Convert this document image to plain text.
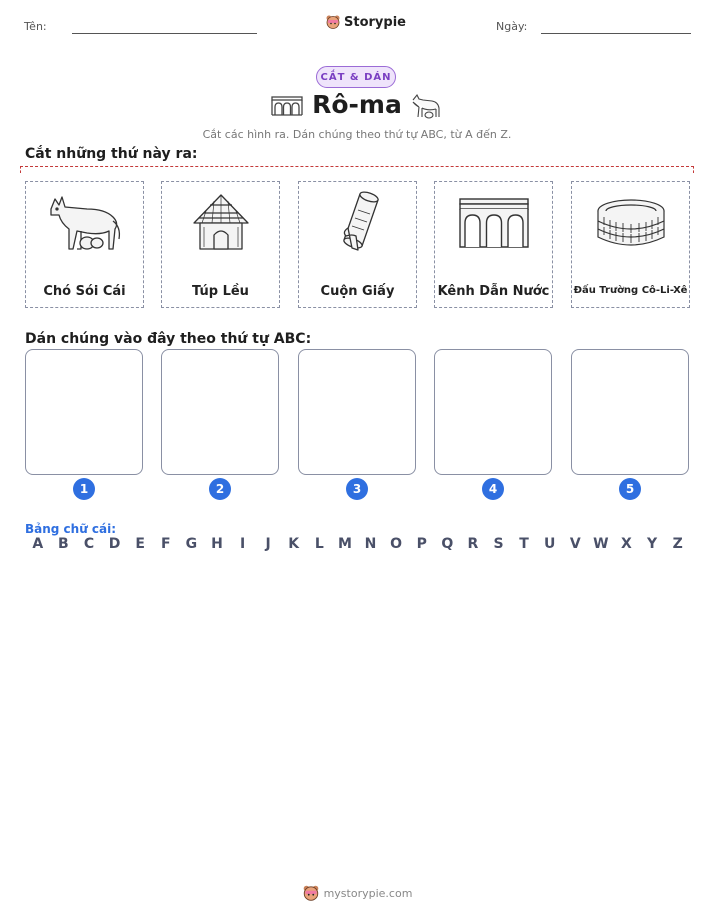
Tên:	Storypie	Ngày:
CẮT & DÁN
Rô-ma
Cắt các hình ra. Dán chúng theo thứ tự ABC, từ A đến Z.
Cắt những thứ này ra:
Chó Sói Cái	Túp Lều	Cuộn Giấy	Kênh Dẫn Nước Đấu Trường Cô-Li-Xê
Dán chúng vào đây theo thứ tự ABC:
1	2	3	4	5
Bảng chữ cái:
A	B	C	D	E	F	G H	I	J	K	L	M N O	P	Q	R	S	T	U	V W X	Y	Z
mystorypie.com
